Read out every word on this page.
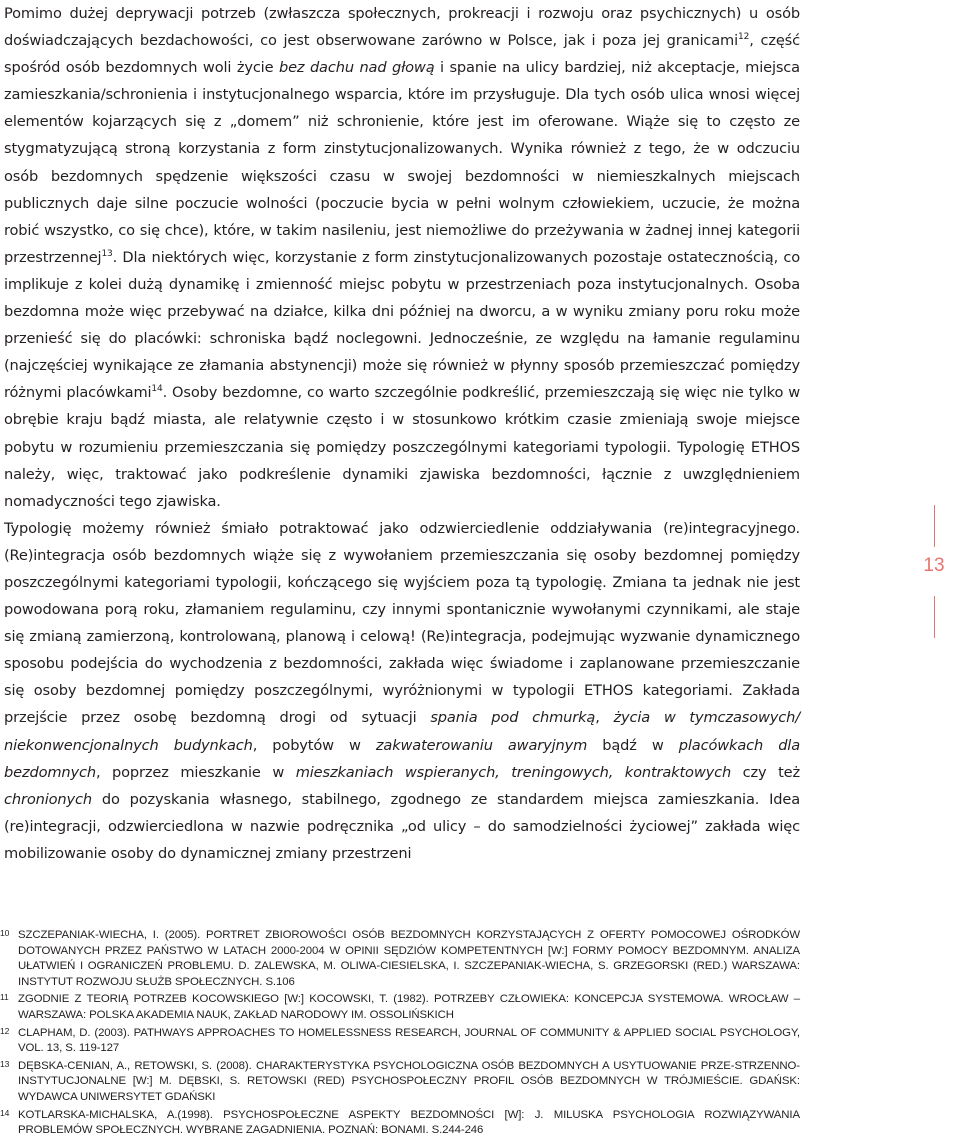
Pomimo dużej deprywacji potrzeb (zwłaszcza społecznych, prokreacji i rozwoju oraz psychicznych) u osób doświadczających bezdachowości, co jest obserwowane zarówno w Polsce, jak i poza jej granicami$^{12}$, część spośród osób bezdomnych woli życie bez dachu nad głową i spanie na ulicy bardziej, niż akceptacje, miejsca zamieszkania/schronienia i instytucjonalnego wsparcia, które im przysługuje. Dla tych osób ulica wnosi więcej elementów kojarzących się z „domem” niż schronienie, które jest im oferowane. Wiąże się to często ze stygmatyzującą stroną korzystania z form zinstytucjonalizowanych. Wynika również z tego, że w odczuciu osób bezdomnych spędzenie większości czasu w swojej bezdomności w niemieszkalnych miejscach publicznych daje silne poczucie wolności (poczucie bycia w pełni wolnym człowiekiem, uczucie, że można robić wszystko, co się chce), które, w takim nasileniu, jest niemożliwe do przeżywania w żadnej innej kategorii przestrzennej$^{13}$. Dla niektórych więc, korzystanie z form zinstytucjonalizowanych pozostaje ostatecznością, co implikuje z kolei dużą dynamikę i zmienność miejsc pobytu w przestrzeniach poza instytucjonalnych. Osoba bezdomna może więc przebywać na działce, kilka dni później na dworcu, a w wyniku zmiany poru roku może przenieść się do placówki: schroniska bądź noclegowni. Jednocześnie, ze względu na łamanie regulaminu (najczęściej wynikające ze złamania abstynencji) może się również w płynny sposób przemieszczać pomiędzy różnymi placówkami$^{14}$. Osoby bezdomne, co warto szczególnie podkreślić, przemieszczają się więc nie tylko w obrębie kraju bądź miasta, ale relatywnie często i w stosunkowo krótkim czasie zmieniają swoje miejsce pobytu w rozumieniu przemieszczania się pomiędzy poszczególnymi kategoriami typologii. Typologię ETHOS należy, więc, traktować jako podkreślenie dynamiki zjawiska bezdomności, łącznie z uwzględnieniem nomadyczności tego zjawiska.

Typologię możemy również śmiało potraktować jako odzwierciedlenie oddziaływania (re)integracyjnego. (Re)integracja osób bezdomnych wiąże się z wywołaniem przemieszczania się osoby bezdomnej pomiędzy poszczególnymi kategoriami typologii, kończącego się wyjściem poza tą typologię. Zmiana ta jednak nie jest powodowana porą roku, złamaniem regulaminu, czy innymi spontanicznie wywołanymi czynnikami, ale staje się zmianą zamierzoną, kontrolowaną, planową i celową! (Re)integracja, podejmując wyzwanie dynamicznego sposobu podejścia do wychodzenia z bezdomności, zakłada więc świadome i zaplanowane przemieszczanie się osoby bezdomnej pomiędzy poszczególnymi, wyróżnionymi w typologii ETHOS kategoriami. Zakłada przejście przez osobę bezdomną drogi od sytuacji spania pod chmurką, życia w tymczasowych/ niekonwencjonalnych budynkach, pobytów w zakwaterowaniu awaryjnym bądź w placówkach dla bezdomnych, poprzez mieszkanie w mieszkaniach wspieranych, treningowych, kontraktowych czy też chronionych do pozyskania własnego, stabilnego, zgodnego ze standardem miejsca zamieszkania. Idea (re)integracji, odzwierciedlona w nazwie podręcznika „od ulicy – do samodzielności życiowej” zakłada więc mobilizowanie osoby do dynamicznej zmiany przestrzeni

13
10 SZCZEPANIAK-WIECHA, I. (2005). PORTRET ZBIOROWOŚCI OSÓB BEZDOMNYCH KORZYSTAJĄCYCH Z OFERTY POMOCOWEJ OŚRODKÓW DOTOWANYCH PRZEZ PAŃSTWO W LATACH 2000-2004 W OPINII SĘDZIÓW KOMPETENTNYCH [W:] FORMY POMOCY BEZDOMNYM. ANALIZA UŁATWIEŃ I OGRANICZEŃ PROBLEMU. D. ZALEWSKA, M. OLIWA-CIESIELSKA, I. SZCZEPANIAK-WIECHA, S. GRZEGORSKI (RED.) WARSZAWA: INSTYTUT ROZWOJU SŁUŻB SPOŁECZNYCH. S.106
11 ZGODNIE Z TEORIĄ POTRZEB KOCOWSKIEGO [W:] KOCOWSKI, T. (1982). POTRZEBY CZŁOWIEKA: KONCEPCJA SYSTEMOWA. WROCŁAW – WARSZAWA: POLSKA AKADEMIA NAUK, ZAKŁAD NARODOWY IM. OSSOLIŃSKICH
12 CLAPHAM, D. (2003). PATHWAYS APPROACHES TO HOMELESSNESS RESEARCH, JOURNAL OF COMMUNITY & APPLIED SOCIAL PSYCHOLOGY, VOL. 13, S. 119-127
13 DĘBSKA-CENIAN, A., RETOWSKI, S. (2008). CHARAKTERYSTYKA PSYCHOLOGICZNA OSÓB BEZDOMNYCH A USYTUOWANIE PRZE-STRZENNO-INSTYTUCJONALNE [W:] M. DĘBSKI, S. RETOWSKI (RED) PSYCHOSPOŁECZNY PROFIL OSÓB BEZDOMNYCH W TRÓJMIEŚCIE. GDAŃSK: WYDAWCA UNIWERSYTET GDAŃSKI
14 KOTLARSKA-MICHALSKA, A.(1998). PSYCHOSPOŁECZNE ASPEKTY BEZDOMNOŚCI [W]: J. MILUSKA PSYCHOLOGIA ROZWIĄZYWANIA PROBLEMÓW SPOŁECZNYCH. WYBRANE ZAGADNIENIA. POZNAŃ: BONAMI. S.244-246
